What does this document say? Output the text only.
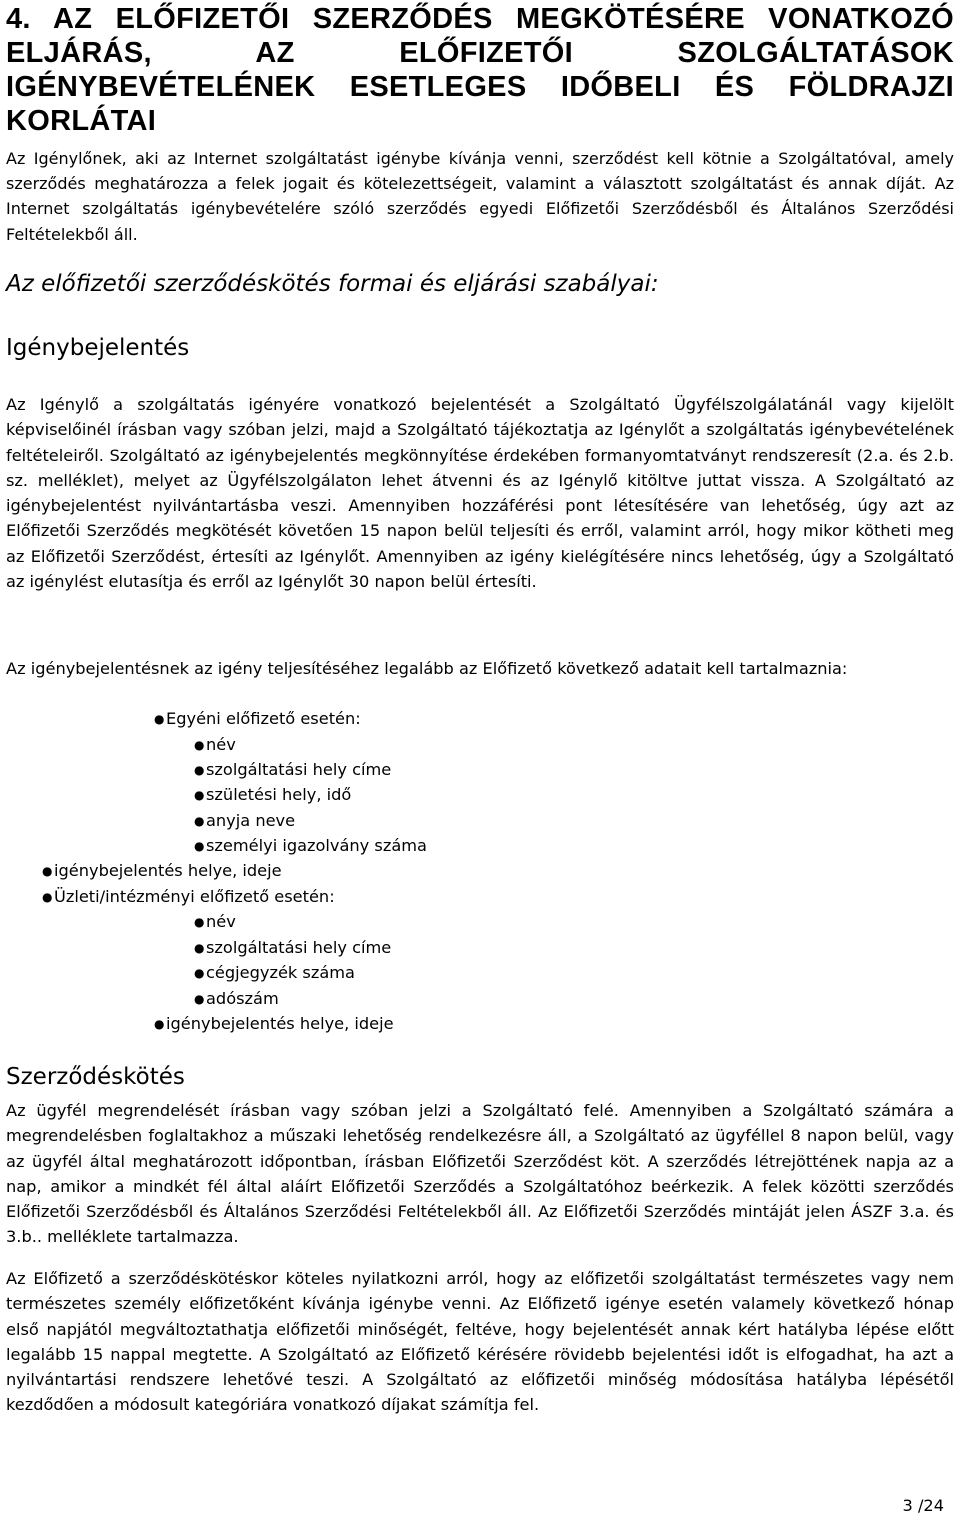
4. AZ ELŐFIZETŐI SZERZŐDÉS MEGKÖTÉSÉRE VONATKOZÓ ELJÁRÁS, AZ ELŐFIZETŐI SZOLGÁLTATÁSOK IGÉNYBEVÉTELÉNEK ESETLEGES IDŐBELI ÉS FÖLDRAJZI KORLÁTAI
Az Igénylőnek, aki az Internet szolgáltatást igénybe kívánja venni, szerződést kell kötnie a Szolgáltatóval, amely szerződés meghatározza a felek jogait és kötelezettségeit, valamint a választott szolgáltatást és annak díját. Az Internet szolgáltatás igénybevételére szóló szerződés egyedi Előfizetői Szerződésből és Általános Szerződési Feltételekből áll.
Az előfizetői szerződéskötés formai és eljárási szabályai:
Igénybejelentés
Az Igénylő a szolgáltatás igényére vonatkozó bejelentését a Szolgáltató Ügyfélszolgálatánál vagy kijelölt képviselőinél írásban vagy szóban jelzi, majd a Szolgáltató tájékoztatja az Igénylőt a szolgáltatás igénybevételének feltételeiről. Szolgáltató az igénybejelentés megkönnyítése érdekében formanyomtatványt rendszeresít (2.a. és 2.b. sz. melléklet), melyet az Ügyfélszolgálaton lehet átvenni és az Igénylő kitöltve juttat vissza. A Szolgáltató az igénybejelentést nyilvántartásba veszi. Amennyiben hozzáférési pont létesítésére van lehetőség, úgy azt az Előfizetői Szerződés megkötését követően 15 napon belül teljesíti és erről, valamint arról, hogy mikor kötheti meg az Előfizetői Szerződést, értesíti az Igénylőt. Amennyiben az igény kielégítésére nincs lehetőség, úgy a Szolgáltató az igénylést elutasítja és erről az Igénylőt 30 napon belül értesíti.
Az igénybejelentésnek az igény teljesítéséhez legalább az Előfizető következő adatait kell tartalmaznia:
●Egyéni előfizető esetén:
●név
●szolgáltatási hely címe
●születési hely, idő
●anyja neve
●személyi igazolvány száma
●igénybejelentés helye, ideje
●Üzleti/intézményi előfizető esetén:
●név
●szolgáltatási hely címe
●cégjegyzék száma
●adószám
●igénybejelentés helye, ideje
Szerződéskötés
Az ügyfél megrendelését írásban vagy szóban jelzi a Szolgáltató felé. Amennyiben a Szolgáltató számára a megrendelésben foglaltakhoz a műszaki lehetőség rendelkezésre áll, a Szolgáltató az ügyféllel 8 napon belül, vagy az ügyfél által meghatározott időpontban, írásban Előfizetői Szerződést köt. A szerződés létrejöttének napja az a nap, amikor a mindkét fél által aláírt Előfizetői Szerződés a Szolgáltatóhoz beérkezik. A felek közötti szerződés Előfizetői Szerződésből és Általános Szerződési Feltételekből áll. Az Előfizetői Szerződés mintáját jelen ÁSZF 3.a. és 3.b.. melléklete tartalmazza.
Az Előfizető a szerződéskötéskor köteles nyilatkozni arról, hogy az előfizetői szolgáltatást természetes vagy nem természetes személy előfizetőként kívánja igénybe venni. Az Előfizető igénye esetén valamely következő hónap első napjától megváltoztathatja előfizetői minőségét, feltéve, hogy bejelentését annak kért hatályba lépése előtt legalább 15 nappal megtette. A Szolgáltató az Előfizető kérésére rövidebb bejelentési időt is elfogadhat, ha azt a nyilvántartási rendszere lehetővé teszi. A Szolgáltató az előfizetői minőség módosítása hatályba lépésétől kezdődően a módosult kategóriára vonatkozó díjakat számítja fel.
3 /24
